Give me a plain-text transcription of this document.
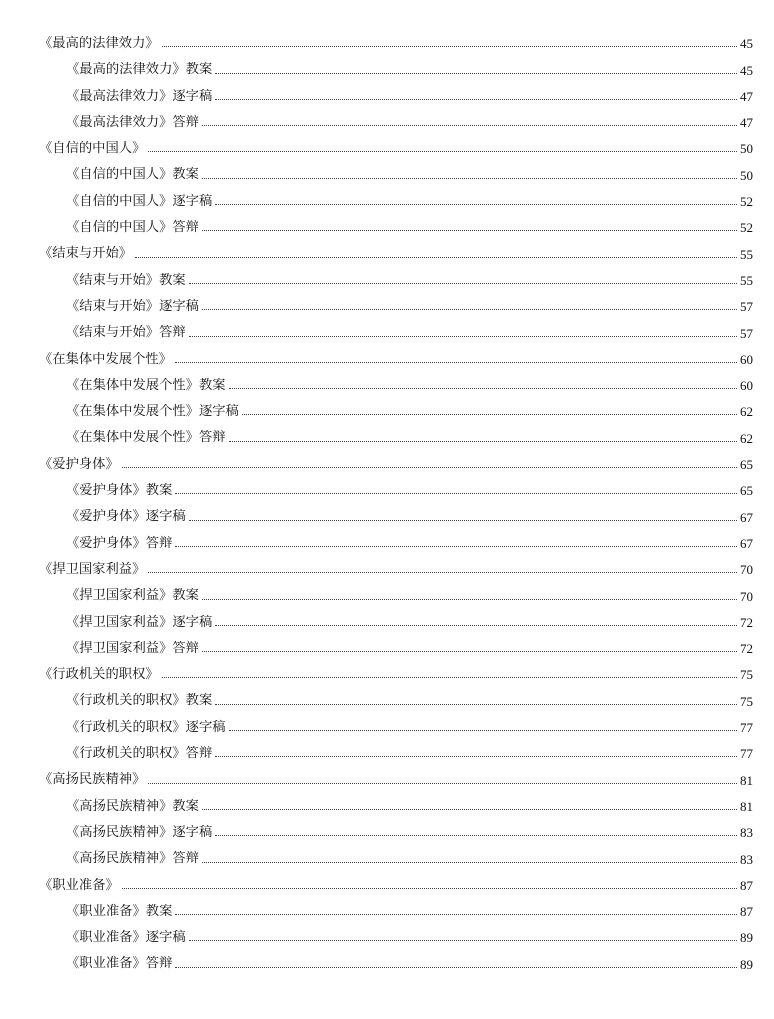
《最高的法律效力》	45
《最高的法律效力》教案	45
《最高法律效力》逐字稿	47
《最高法律效力》答辩	47
《自信的中国人》	50
《自信的中国人》教案	50
《自信的中国人》逐字稿	52
《自信的中国人》答辩	52
《结束与开始》	55
《结束与开始》教案	55
《结束与开始》逐字稿	57
《结束与开始》答辩	57
《在集体中发展个性》	60
《在集体中发展个性》教案	60
《在集体中发展个性》逐字稿	62
《在集体中发展个性》答辩	62
《爱护身体》	65
《爱护身体》教案	65
《爱护身体》逐字稿	67
《爱护身体》答辩	67
《捍卫国家利益》	70
《捍卫国家利益》教案	70
《捍卫国家利益》逐字稿	72
《捍卫国家利益》答辩	72
《行政机关的职权》	75
《行政机关的职权》教案	75
《行政机关的职权》逐字稿	77
《行政机关的职权》答辩	77
《高扬民族精神》	81
《高扬民族精神》教案	81
《高扬民族精神》逐字稿	83
《高扬民族精神》答辩	83
《职业准备》	87
《职业准备》教案	87
《职业准备》逐字稿	89
《职业准备》答辩	89
